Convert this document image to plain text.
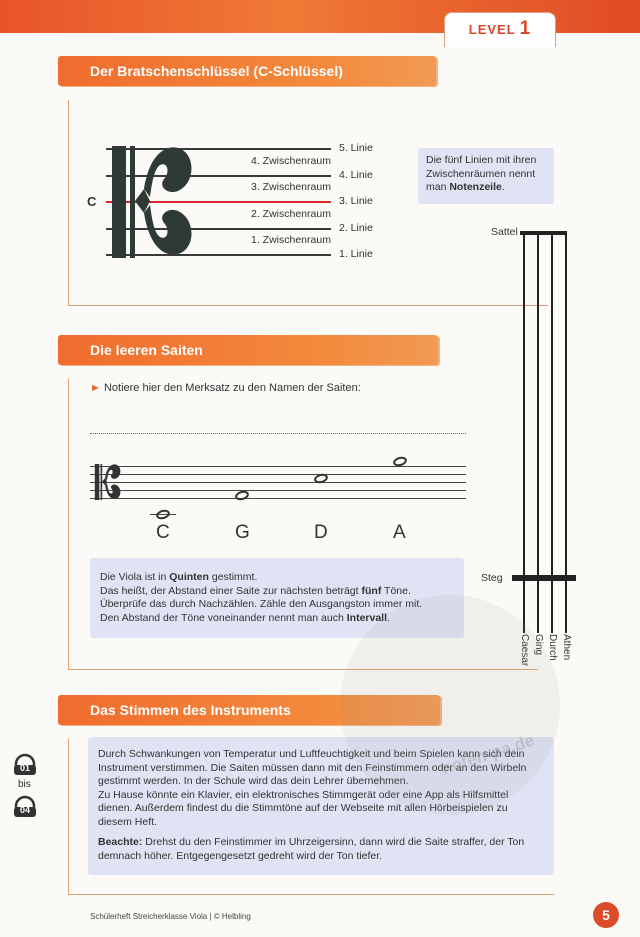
LEVEL 1
Der Bratschenschlüssel (C-Schlüssel)
C
4. Zwischenraum
3. Zwischenraum
2. Zwischenraum
1. Zwischenraum
5. Linie
4. Linie
3. Linie
2. Linie
1. Linie
Die fünf Linien mit ihren Zwischenräumen nennt man Notenzeile.
Die leeren Saiten
► Notiere hier den Merksatz zu den Namen der Saiten:
C	G	D	A
Die Viola ist in Quinten gestimmt.
Das heißt, der Abstand einer Saite zur nächsten beträgt fünf Töne.
Überprüfe das durch Nachzählen. Zähle den Ausgangston immer mit.
Den Abstand der Töne voneinander nennt man auch Intervall.
Sattel
Steg
Caesar Ging Durch Athen
Das Stimmen des Instruments
01
bis
04
Durch Schwankungen von Temperatur und Luftfeuchtigkeit und beim Spielen kann sich dein Instrument verstimmen. Die Saiten müssen dann mit den Feinstimmern oder an den Wirbeln gestimmt werden. In der Schule wird das dein Lehrer übernehmen.
Zu Hause könnte ein Klavier, ein elektronisches Stimmgerät oder eine App als Hilfsmittel dienen. Außerdem findest du die Stimmtöne auf der Webseite mit allen Hörbeispielen zu diesem Heft.
Beachte: Drehst du den Feinstimmer im Uhrzeigersinn, dann wird die Saite straffer, der Ton demnach höher. Entgegengesetzt gedreht wird der Ton tiefer.
noten-pa.de
Schülerheft Streicherklasse Viola | © Helbling	5
